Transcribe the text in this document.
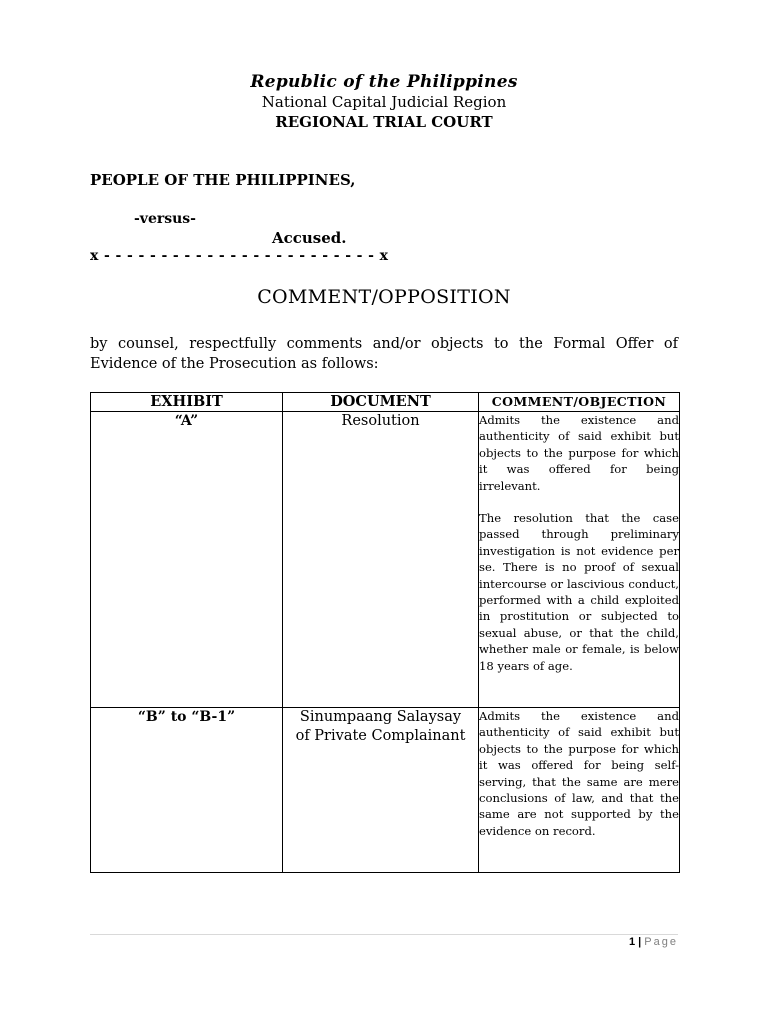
Republic of the Philippines
National Capital Judicial Region
REGIONAL TRIAL COURT
PEOPLE OF THE PHILIPPINES,
-versus-
Accused.
x - - - - - - - - - - - - - - - - - - - - - - - - x
COMMENT/OPPOSITION
by counsel, respectfully comments and/or objects to the Formal Offer of Evidence of the Prosecution as follows:
EXHIBIT	DOCUMENT	COMMENT/OBJECTION
“A”	Resolution	Admits the existence and authenticity of said exhibit but objects to the purpose for which it was offered for being irrelevant.

The resolution that the case passed through preliminary investigation is not evidence per se. There is no proof of sexual intercourse or lascivious conduct, performed with a child exploited in prostitution or subjected to sexual abuse, or that the child, whether male or female, is below 18 years of age.

“B” to “B-1”	Sinumpaang Salaysay of Private Complainant	Admits the existence and authenticity of said exhibit but objects to the purpose for which it was offered for being self-serving, that the same are mere conclusions of law, and that the same are not supported by the evidence on record.

1 | Page
